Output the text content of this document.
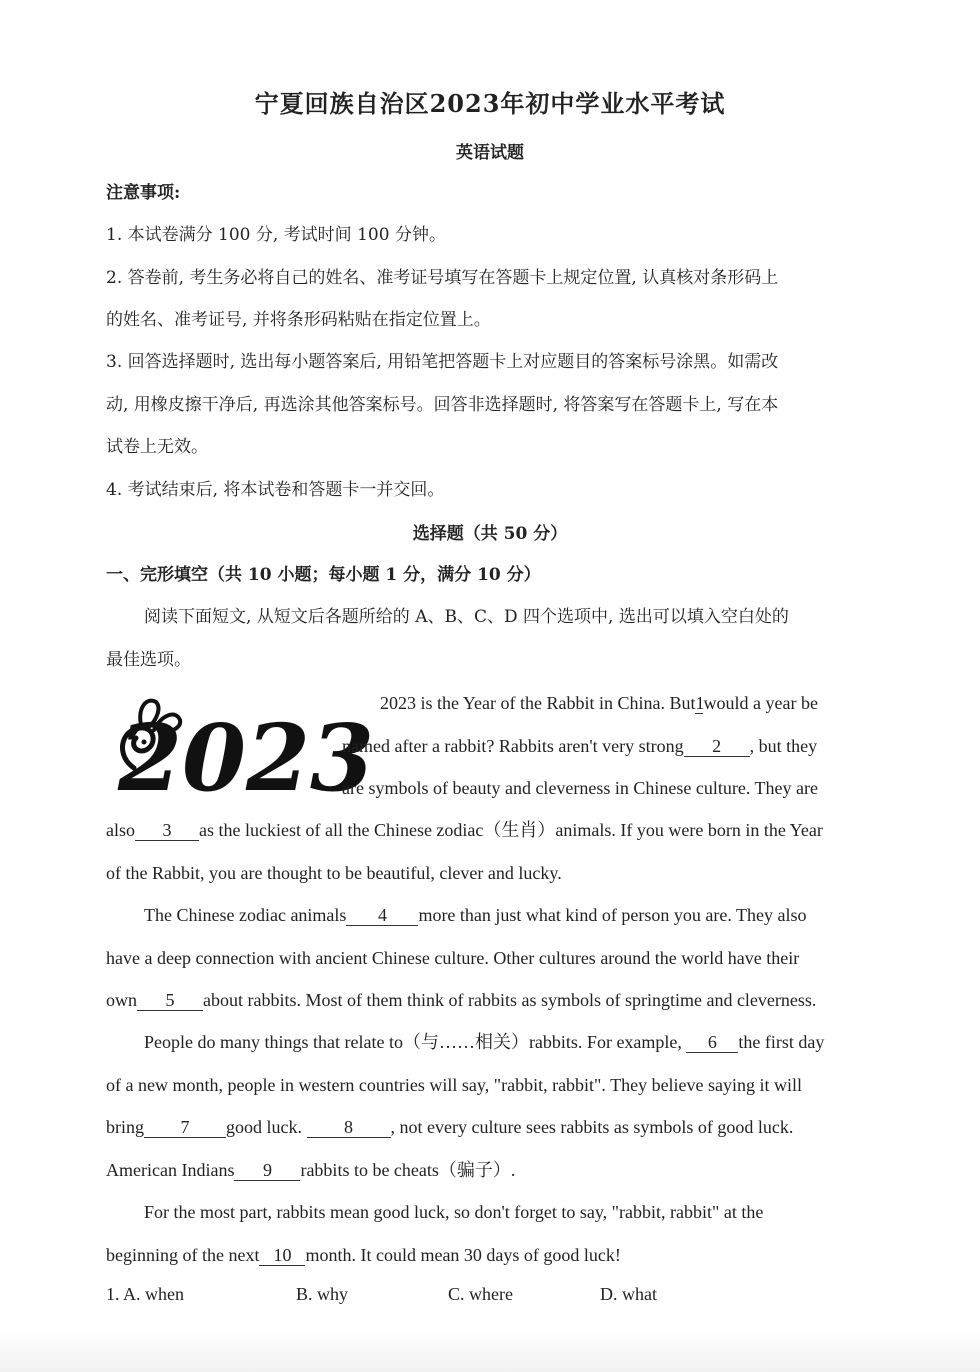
宁夏回族自治区2023年初中学业水平考试
英语试题
注意事项:
1. 本试卷满分 100 分, 考试时间 100 分钟。
2. 答卷前, 考生务必将自己的姓名、准考证号填写在答题卡上规定位置, 认真核对条形码上
的姓名、准考证号, 并将条形码粘贴在指定位置上。
3. 回答选择题时, 选出每小题答案后, 用铅笔把答题卡上对应题目的答案标号涂黑。如需改
动, 用橡皮擦干净后, 再选涂其他答案标号。回答非选择题时, 将答案写在答题卡上, 写在本
试卷上无效。
4. 考试结束后, 将本试卷和答题卡一并交回。
选择题（共 50 分）
一、完形填空（共 10 小题；每小题 1 分，满分 10 分）
阅读下面短文, 从短文后各题所给的 A、B、C、D 四个选项中, 选出可以填入空白处的
最佳选项。
2023
2023 is the Year of the Rabbit in China. But1would a year be
named after a rabbit? Rabbits aren't very strong 2 , but they
are symbols of beauty and cleverness in Chinese culture. They are
also 3 as the luckiest of all the Chinese zodiac（生肖）animals. If you were born in the Year
of the Rabbit, you are thought to be beautiful, clever and lucky.
The Chinese zodiac animals 4 more than just what kind of person you are. They also
have a deep connection with ancient Chinese culture. Other cultures around the world have their
own 5 about rabbits. Most of them think of rabbits as symbols of springtime and cleverness.
People do many things that relate to（与……相关）rabbits. For example, 6 the first day
of a new month, people in western countries will say, "rabbit, rabbit". They believe saying it will
bring 7 good luck. 8 , not every culture sees rabbits as symbols of good luck.
American Indians 9 rabbits to be cheats（骗子）.
For the most part, rabbits mean good luck, so don't forget to say, "rabbit, rabbit" at the
beginning of the next 10 month. It could mean 30 days of good luck!
1. A. when	B. why	C. where	D. what
